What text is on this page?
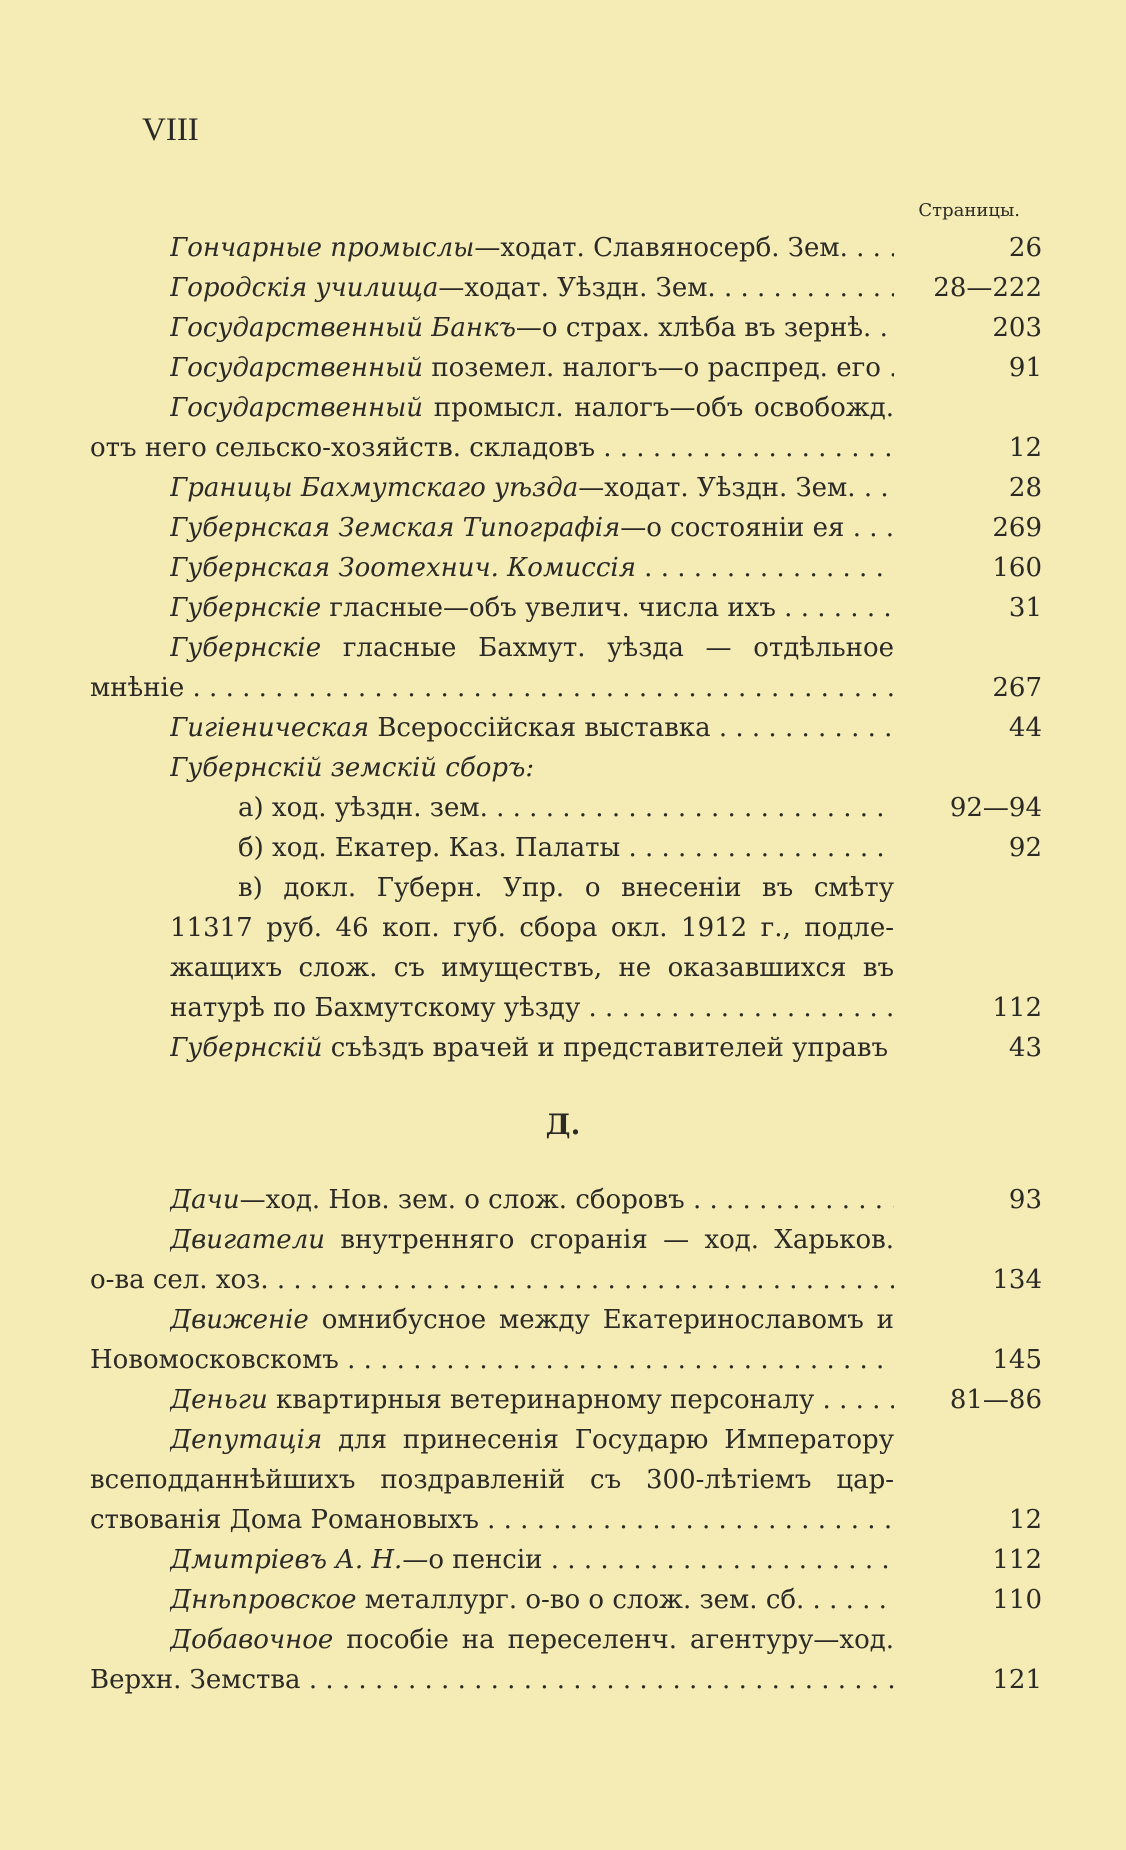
VIII
Страницы.
Гончарные промыслы—ходат. Славяносерб. Зем. . . .	26
Городскія училища—ходат. Уѣздн. Зем. . . .	28—222
Государственный Банкъ—о страх. хлѣба въ зернѣ. . . .	203
Государственный поземел. налогъ—о распред. его . . .	91
Государственный промысл. налогъ—объ освобожд.
отъ него сельско-хозяйств. складовъ . . .	12
Границы Бахмутскаго уѣзда—ходат. Уѣздн. Зем. . . .	28
Губернская Земская Типографія—о состояніи ея . . .	269
Губернская Зоотехнич. Комиссія . . .	160
Губернскіе гласные—объ увелич. числа ихъ . . .	31
Губернскіе гласные Бахмут. уѣзда — отдѣльное
мнѣніе . . .	267
Гигіеническая Всероссійская выставка . . .	44
Губернскій земскій сборъ:
а) ход. уѣздн. зем. . . .	92—94
б) ход. Екатер. Каз. Палаты . . .	92
в) докл. Губерн. Упр. о внесеніи въ смѣту
11317 руб. 46 коп. губ. сбора окл. 1912 г., подле-
жащихъ слож. съ имуществъ, не оказавшихся въ
натурѣ по Бахмутскому уѣзду . . .	112
Губернскій съѣздъ врачей и представителей управъ	43
Д.
Дачи—ход. Нов. зем. о слож. сборовъ . . .	93
Двигатели внутренняго сгоранія — ход. Харьков.
о-ва сел. хоз. . . .	134
Движеніе омнибусное между Екатеринославомъ и
Новомосковскомъ . . .	145
Деньги квартирныя ветеринарному персоналу . . .	81—86
Депутація для принесенія Государю Императору
всеподданнѣйшихъ поздравленій съ 300-лѣтіемъ цар-
ствованія Дома Романовыхъ . . .	12
Дмитріевъ А. Н.—о пенсіи . . .	112
Днѣпровское металлург. о-во о слож. зем. сб. . . .	110
Добавочное пособіе на переселенч. агентуру—ход.
Верхн. Земства . . .	121
